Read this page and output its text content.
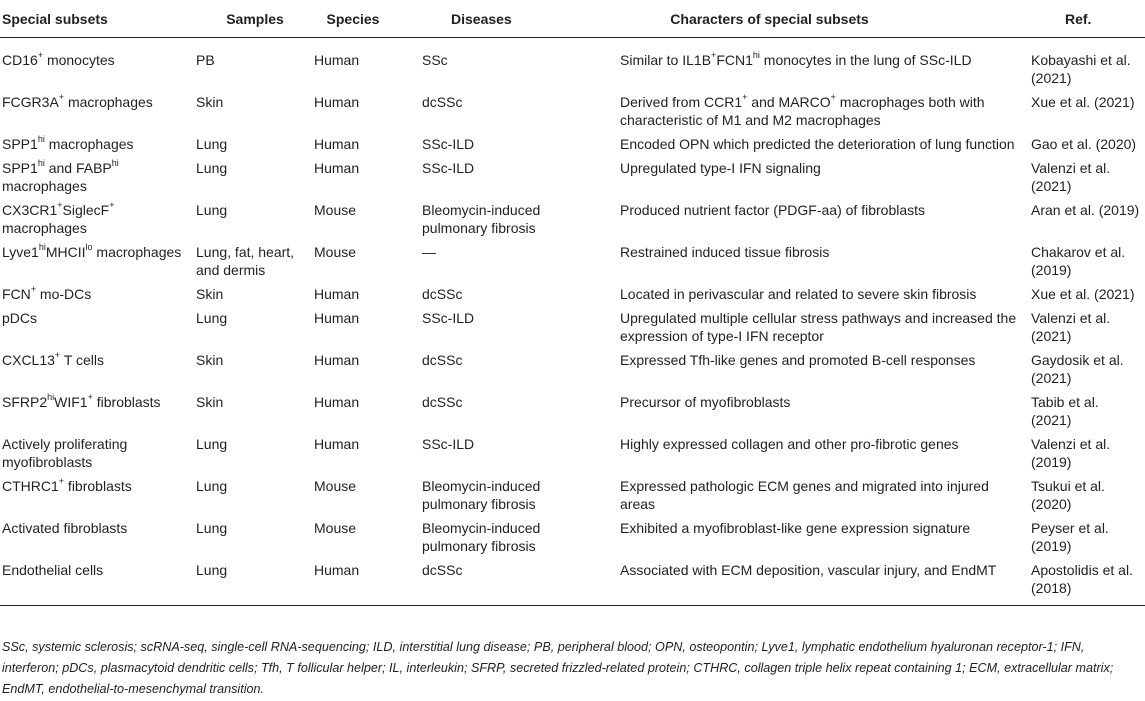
Special subsets	Samples	Species	Diseases	Characters of special subsets	Ref.
CD16+ monocytes	PB	Human	SSc	Similar to $IL1B^+FCN1^{hi}$ monocytes in the lung of SSc-ILD	Kobayashi et al. (2021)
FCGR3A+ macrophages	Skin	Human	dcSSc	Derived from CCR1+ and MARCO+ macrophages both with characteristic of M1 and M2 macrophages	Xue et al. (2021)
$SPP1^{hi}$ macrophages	Lung	Human	SSc-ILD	Encoded OPN which predicted the deterioration of lung function	Gao et al. (2020)
$SPP1^{hi}$ and $FABP^{hi}$ macrophages	Lung	Human	SSc-ILD	Upregulated type-I IFN signaling	Valenzi et al. (2021)
CX3CR1+SiglecF+ macrophages	Lung	Mouse	Bleomycin-induced pulmonary fibrosis	Produced nutrient factor (PDGF-aa) of fibroblasts	Aran et al. (2019)
$Lyve1^{hi}MHCII^{lo}$ macrophages	Lung, fat, heart, and dermis	Mouse	—	Restrained induced tissue fibrosis	Chakarov et al. (2019)
FCN+ mo-DCs	Skin	Human	dcSSc	Located in perivascular and related to severe skin fibrosis	Xue et al. (2021)
pDCs	Lung	Human	SSc-ILD	Upregulated multiple cellular stress pathways and increased the expression of type-I IFN receptor	Valenzi et al. (2021)
CXCL13+ T cells	Skin	Human	dcSSc	Expressed Tfh-like genes and promoted B-cell responses	Gaydosik et al. (2021)
$SFRP2^{hi}WIF1^+$ fibroblasts	Skin	Human	dcSSc	Precursor of myofibroblasts	Tabib et al. (2021)
Actively proliferating myofibroblasts	Lung	Human	SSc-ILD	Highly expressed collagen and other pro-fibrotic genes	Valenzi et al. (2019)
CTHRC1+ fibroblasts	Lung	Mouse	Bleomycin-induced pulmonary fibrosis	Expressed pathologic ECM genes and migrated into injured areas	Tsukui et al. (2020)
Activated fibroblasts	Lung	Mouse	Bleomycin-induced pulmonary fibrosis	Exhibited a myofibroblast-like gene expression signature	Peyser et al. (2019)
Endothelial cells	Lung	Human	dcSSc	Associated with ECM deposition, vascular injury, and EndMT	Apostolidis et al. (2018)
SSc, systemic sclerosis; scRNA-seq, single-cell RNA-sequencing; ILD, interstitial lung disease; PB, peripheral blood; OPN, osteopontin; Lyve1, lymphatic endothelium hyaluronan receptor-1; IFN, interferon; pDCs, plasmacytoid dendritic cells; Tfh, T follicular helper; IL, interleukin; SFRP, secreted frizzled-related protein; CTHRC, collagen triple helix repeat containing 1; ECM, extracellular matrix; EndMT, endothelial-to-mesenchymal transition.
